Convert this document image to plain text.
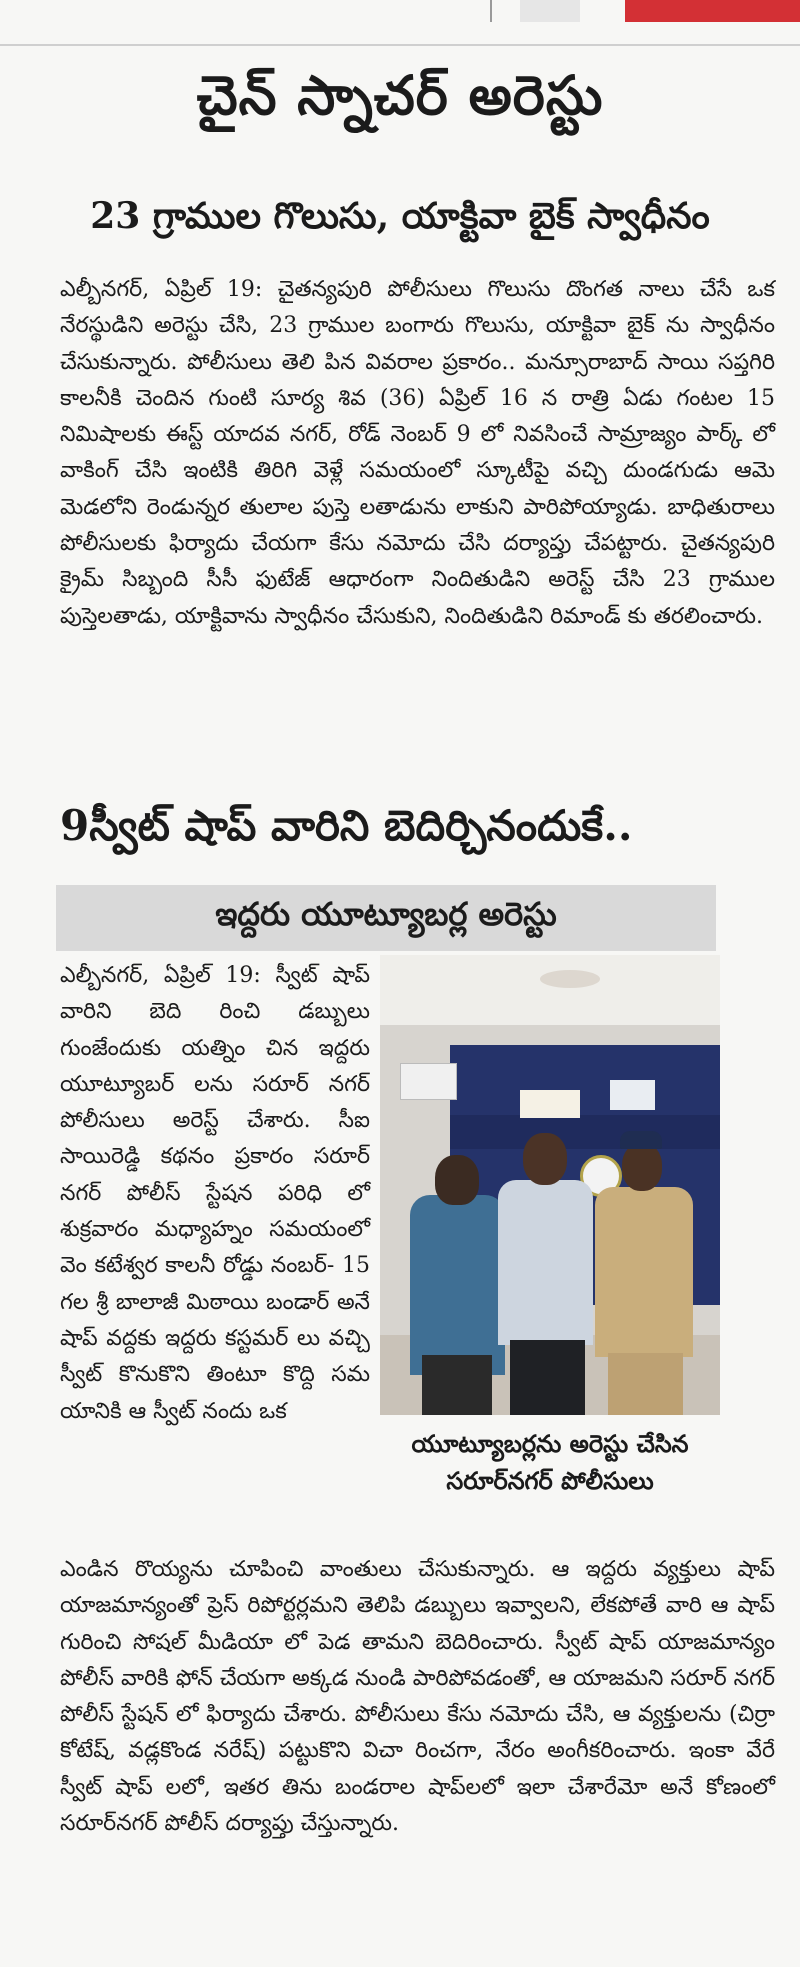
చైన్ స్నాచర్ అరెస్టు
23 గ్రాముల గొలుసు, యాక్టివా బైక్ స్వాధీనం
ఎల్బీనగర్, ఏప్రిల్ 19: చైతన్యపురి పోలీసులు గొలుసు దొంగత నాలు చేసే ఒక నేరస్థుడిని అరెస్టు చేసి, 23 గ్రాముల బంగారు గొలుసు, యాక్టివా బైక్ ను స్వాధీనం చేసుకున్నారు. పోలీసులు తెలి పిన వివరాల ప్రకారం.. మన్సూరాబాద్ సాయి సప్తగిరి కాలనీకి చెందిన గుంటి సూర్య శివ (36) ఏప్రిల్ 16 న రాత్రి ఏడు గంటల 15 నిమిషాలకు ఈస్ట్ యాదవ నగర్, రోడ్ నెంబర్ 9 లో నివసించే సామ్రాజ్యం పార్క్ లో వాకింగ్ చేసి ఇంటికి తిరిగి వెళ్లే సమయంలో స్కూటీపై వచ్చి దుండగుడు ఆమె మెడలోని రెండున్నర తులాల పుస్తె లతాడును లాకుని పారిపోయ్యాడు. బాధితురాలు పోలీసులకు ఫిర్యాదు చేయగా కేసు నమోదు చేసి దర్యాప్తు చేపట్టారు. చైతన్యపురి క్రైమ్ సిబ్బంది సీసీ ఫుటేజ్ ఆధారంగా నిందితుడిని అరెస్ట్ చేసి 23 గ్రాముల పుస్తెలతాడు, యాక్టివాను స్వాధీనం చేసుకుని, నిందితుడిని రిమాండ్ కు తరలించారు.
9స్వీట్ షాప్ వారిని బెదిర్చినందుకే..
ఇద్దరు యూట్యూబర్ల అరెస్టు
ఎల్బీనగర్, ఏప్రిల్ 19: స్వీట్ షాప్ వారిని బెది రించి డబ్బులు గుంజేందుకు యత్నిం చిన ఇద్దరు యూట్యూబర్ లను సరూర్ నగర్ పోలీసులు అరెస్ట్ చేశారు. సీఐ సాయిరెడ్డి కథనం ప్రకారం సరూర్ నగర్ పోలీస్ స్టేషన పరిధి లో శుక్రవారం మధ్యాహ్నం సమయంలో వెం కటేశ్వర కాలనీ రోడ్డు నంబర్- 15 గల శ్రీ బాలాజీ మిఠాయి బండార్ అనే షాప్ వద్దకు ఇద్దరు కస్టమర్ లు వచ్చి స్వీట్ కొనుకొని తింటూ కొద్ది సమ యానికి ఆ స్వీట్ నందు ఒక
యూట్యూబర్లను అరెస్టు చేసిన
సరూర్‌నగర్ పోలీసులు
ఎండిన రొయ్యను చూపించి వాంతులు చేసుకున్నారు. ఆ ఇద్దరు వ్యక్తులు షాప్ యాజమాన్యంతో ప్రెస్ రిపోర్టర్లమని తెలిపి డబ్బులు ఇవ్వాలని, లేకపోతే వారి ఆ షాప్ గురించి సోషల్ మీడియా లో పెడ తామని బెదిరించారు. స్వీట్ షాప్ యాజమాన్యం పోలీస్ వారికి ఫోన్ చేయగా అక్కడ నుండి పారిపోవడంతో, ఆ యాజమని సరూర్ నగర్ పోలీస్ స్టేషన్ లో ఫిర్యాదు చేశారు. పోలీసులు కేసు నమోదు చేసి, ఆ వ్యక్తులను (చిర్రా కోటేష్, వడ్లకొండ నరేష్) పట్టుకొని విచా రించగా, నేరం అంగీకరించారు. ఇంకా వేరే స్వీట్ షాప్ లలో, ఇతర తిను బండరాల షాప్‌లలో ఇలా చేశారేమో అనే కోణంలో సరూర్‌నగర్ పోలీస్ దర్యాప్తు చేస్తున్నారు.
